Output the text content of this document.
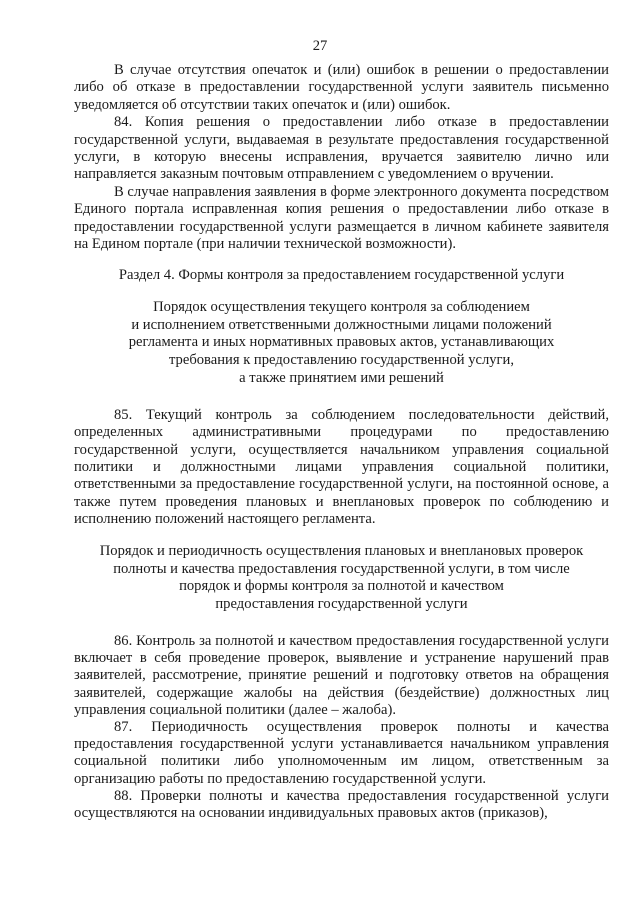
27

В случае отсутствия опечаток и (или) ошибок в решении о предоставлении либо об отказе в предоставлении государственной услуги заявитель письменно уведомляется об отсутствии таких опечаток и (или) ошибок.

84. Копия решения о предоставлении либо отказе в предоставлении государственной услуги, выдаваемая в результате предоставления государственной услуги, в которую внесены исправления, вручается заявителю лично или направляется заказным почтовым отправлением с уведомлением о вручении.

В случае направления заявления в форме электронного документа посредством Единого портала исправленная копия решения о предоставлении либо отказе в предоставлении государственной услуги размещается в личном кабинете заявителя на Едином портале (при наличии технической возможности).

Раздел 4. Формы контроля за предоставлением государственной услуги

Порядок осуществления текущего контроля за соблюдением
и исполнением ответственными должностными лицами положений
регламента и иных нормативных правовых актов, устанавливающих
требования к предоставлению государственной услуги,
а также принятием ими решений

85. Текущий контроль за соблюдением последовательности действий, определенных административными процедурами по предоставлению государственной услуги, осуществляется начальником управления социальной политики и должностными лицами управления социальной политики, ответственными за предоставление государственной услуги, на постоянной основе, а также путем проведения плановых и внеплановых проверок по соблюдению и исполнению положений настоящего регламента.

Порядок и периодичность осуществления плановых и внеплановых проверок
полноты и качества предоставления государственной услуги, в том числе
порядок и формы контроля за полнотой и качеством
предоставления государственной услуги

86. Контроль за полнотой и качеством предоставления государственной услуги включает в себя проведение проверок, выявление и устранение нарушений прав заявителей, рассмотрение, принятие решений и подготовку ответов на обращения заявителей, содержащие жалобы на действия (бездействие) должностных лиц управления социальной политики (далее – жалоба).

87. Периодичность осуществления проверок полноты и качества предоставления государственной услуги устанавливается начальником управления социальной политики либо уполномоченным им лицом, ответственным за организацию работы по предоставлению государственной услуги.

88. Проверки полноты и качества предоставления государственной услуги осуществляются на основании индивидуальных правовых актов (приказов),
